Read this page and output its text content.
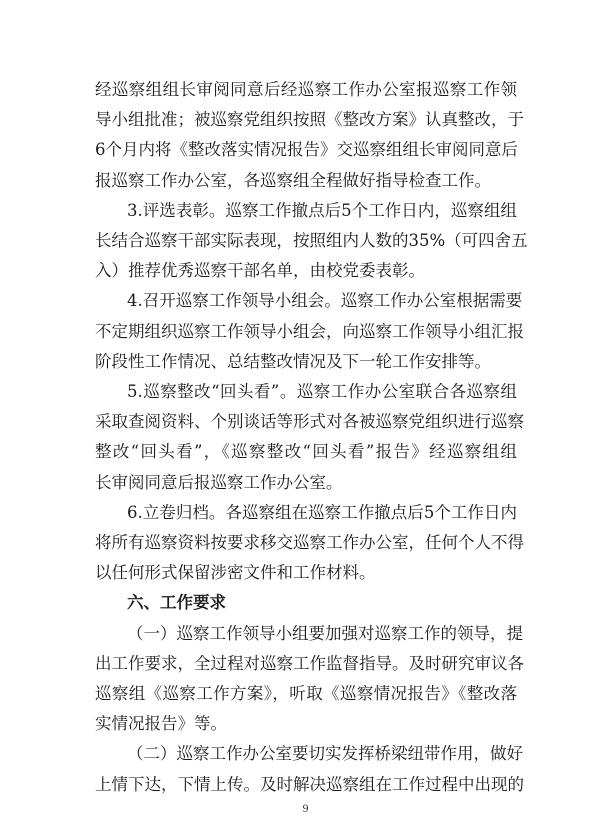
经巡察组组长审阅同意后经巡察工作办公室报巡察工作领
导小组批准；被巡察党组织按照《整改方案》认真整改，于
6个月内将《整改落实情况报告》交巡察组组长审阅同意后
报巡察工作办公室，各巡察组全程做好指导检查工作。
3.评选表彰。巡察工作撤点后5个工作日内，巡察组组
长结合巡察干部实际表现，按照组内人数的35%（可四舍五
入）推荐优秀巡察干部名单，由校党委表彰。
4.召开巡察工作领导小组会。巡察工作办公室根据需要
不定期组织巡察工作领导小组会，向巡察工作领导小组汇报
阶段性工作情况、总结整改情况及下一轮工作安排等。
5.巡察整改“回头看”。巡察工作办公室联合各巡察组
采取查阅资料、个别谈话等形式对各被巡察党组织进行巡察
整改“回头看”，《巡察整改“回头看”报告》经巡察组组
长审阅同意后报巡察工作办公室。
6.立卷归档。各巡察组在巡察工作撤点后5个工作日内
将所有巡察资料按要求移交巡察工作办公室，任何个人不得
以任何形式保留涉密文件和工作材料。
六、工作要求
（一）巡察工作领导小组要加强对巡察工作的领导，提
出工作要求，全过程对巡察工作监督指导。及时研究审议各
巡察组《巡察工作方案》，听取《巡察情况报告》《整改落
实情况报告》等。
（二）巡察工作办公室要切实发挥桥梁纽带作用，做好
上情下达，下情上传。及时解决巡察组在工作过程中出现的
9
